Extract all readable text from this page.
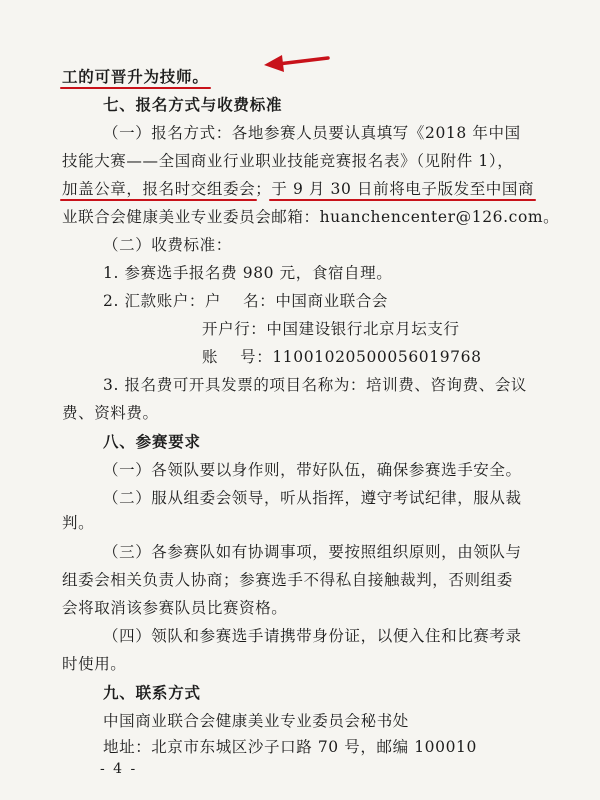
工的可晋升为技师。
七、报名方式与收费标准
（一）报名方式：各地参赛人员要认真填写《2018 年中国
技能大赛——全国商业行业职业技能竞赛报名表》（见附件 1），
加盖公章，报名时交组委会；于 9 月 30 日前将电子版发至中国商
业联合会健康美业专业委员会邮箱：huanchencenter@126.com。
（二）收费标准：
1. 参赛选手报名费 980 元，食宿自理。
2. 汇款账户：户 名：中国商业联合会
开户行：中国建设银行北京月坛支行
账 号：11001020500056019768
3. 报名费可开具发票的项目名称为：培训费、咨询费、会议
费、资料费。
八、参赛要求
（一）各领队要以身作则，带好队伍，确保参赛选手安全。
（二）服从组委会领导，听从指挥，遵守考试纪律，服从裁
判。
（三）各参赛队如有协调事项，要按照组织原则，由领队与
组委会相关负责人协商；参赛选手不得私自接触裁判，否则组委
会将取消该参赛队员比赛资格。
（四）领队和参赛选手请携带身份证，以便入住和比赛考录
时使用。
九、联系方式
中国商业联合会健康美业专业委员会秘书处
地址：北京市东城区沙子口路 70 号，邮编 100010
- 4 -
